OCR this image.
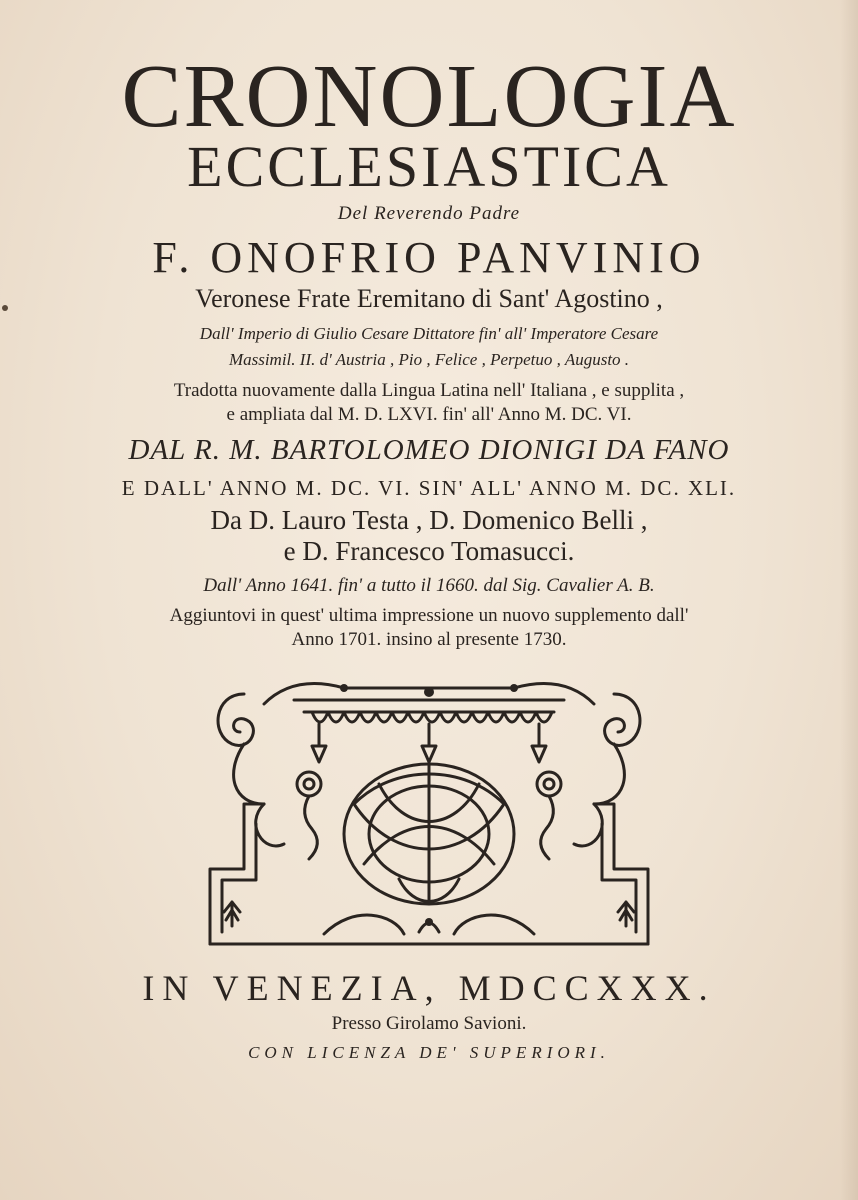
CRONOLOGIA
ECCLESIASTICA
Del Reverendo Padre
F. ONOFRIO PANVINIO
Veronese Frate Eremitano di Sant' Agostino ,
Dall' Imperio di Giulio Cesare Dittatore fin' all' Imperatore Cesare
Massimil. II. d' Austria , Pio , Felice , Perpetuo , Augusto .
Tradotta nuovamente dalla Lingua Latina nell' Italiana , e supplita ,
e ampliata dal M. D. LXVI. fin' all' Anno M. DC. VI.
DAL R. M. BARTOLOMEO DIONIGI DA FANO
E DALL' ANNO M. DC. VI. SIN' ALL' ANNO M. DC. XLI.
Da D. Lauro Testa , D. Domenico Belli ,
e D. Francesco Tomasucci.
Dall' Anno 1641. fin' a tutto il 1660. dal Sig. Cavalier A. B.
Aggiuntovi in quest' ultima impressione un nuovo supplemento dall'
Anno 1701. insino al presente 1730.
IN VENEZIA, MDCCXXX.
Presso Girolamo Savioni.
CON LICENZA DE' SUPERIORI.
